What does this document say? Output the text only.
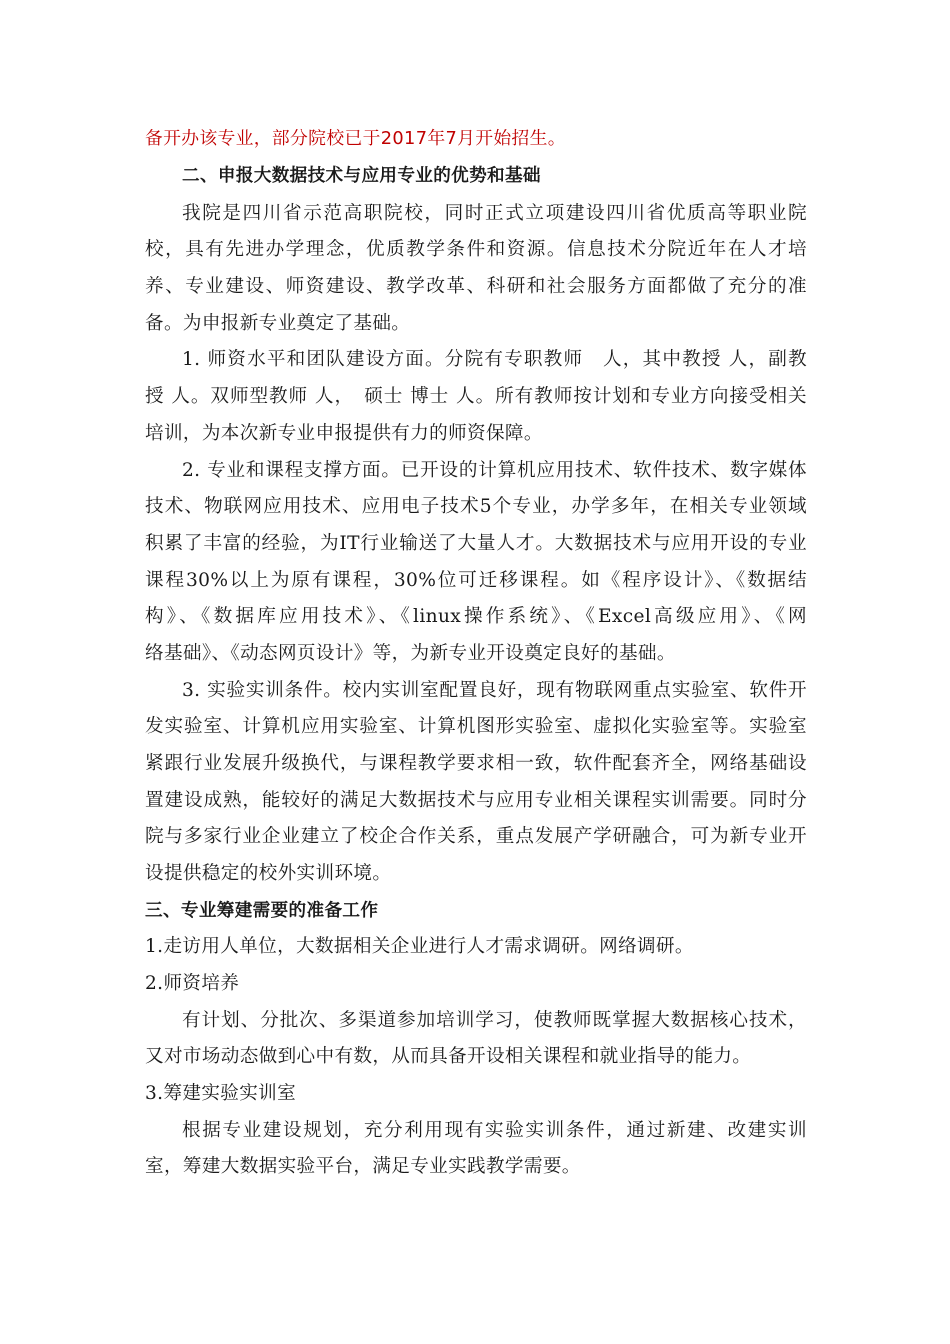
备开办该专业，部分院校已于2017年7月开始招生。
二、申报大数据技术与应用专业的优势和基础
我院是四川省示范高职院校，同时正式立项建设四川省优质高等职业院
校，具有先进办学理念，优质教学条件和资源。信息技术分院近年在人才培
养、专业建设、师资建设、教学改革、科研和社会服务方面都做了充分的准
备。为申报新专业奠定了基础。
1. 师资水平和团队建设方面。分院有专职教师　人，其中教授 人，副教
授 人。双师型教师 人，　硕士 博士 人。所有教师按计划和专业方向接受相关
培训，为本次新专业申报提供有力的师资保障。
2. 专业和课程支撑方面。已开设的计算机应用技术、软件技术、数字媒体
技术、物联网应用技术、应用电子技术5个专业，办学多年，在相关专业领域
积累了丰富的经验，为IT行业输送了大量人才。大数据技术与应用开设的专业
课程30%以上为原有课程，30%位可迁移课程。如《程序设计》、《数据结
构》、《数据库应用技术》、《linux操作系统》、《Excel高级应用》、《网
络基础》、《动态网页设计》等，为新专业开设奠定良好的基础。
3. 实验实训条件。校内实训室配置良好，现有物联网重点实验室、软件开
发实验室、计算机应用实验室、计算机图形实验室、虚拟化实验室等。实验室
紧跟行业发展升级换代，与课程教学要求相一致，软件配套齐全，网络基础设
置建设成熟，能较好的满足大数据技术与应用专业相关课程实训需要。同时分
院与多家行业企业建立了校企合作关系，重点发展产学研融合，可为新专业开
设提供稳定的校外实训环境。
三、专业筹建需要的准备工作
1.走访用人单位，大数据相关企业进行人才需求调研。网络调研。
2.师资培养
有计划、分批次、多渠道参加培训学习，使教师既掌握大数据核心技术，
又对市场动态做到心中有数，从而具备开设相关课程和就业指导的能力。
3.筹建实验实训室
根据专业建设规划，充分利用现有实验实训条件，通过新建、改建实训
室，筹建大数据实验平台，满足专业实践教学需要。
